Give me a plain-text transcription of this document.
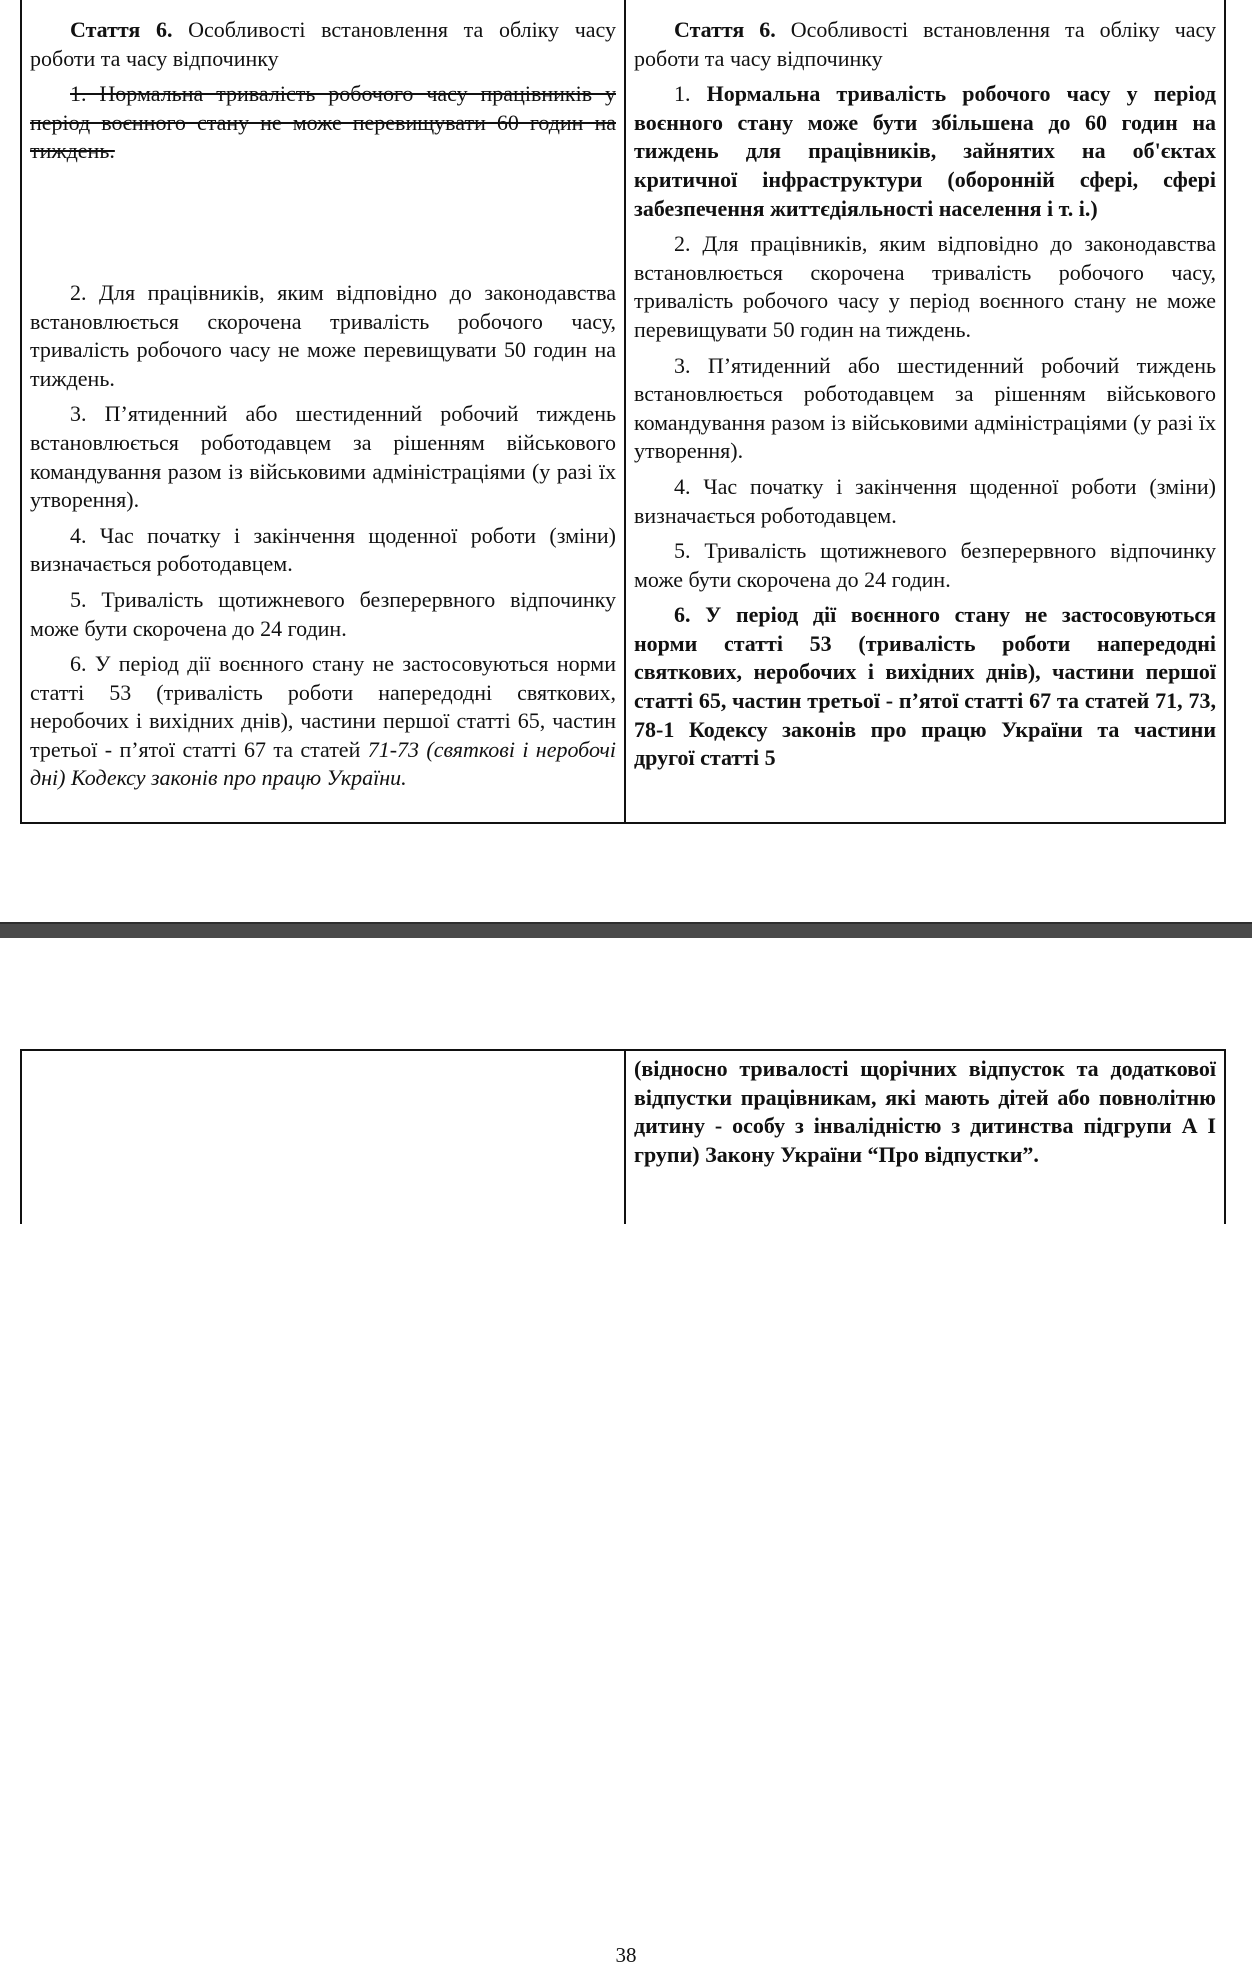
Стаття 6. Особливості встановлення та обліку часу роботи та часу відпочинку

1. Нормальна тривалість робочого часу працівників у період воєнного стану не може перевищувати 60 годин на тиждень.

2. Для працівників, яким відповідно до законодавства встановлюється скорочена тривалість робочого часу, тривалість робочого часу не може перевищувати 50 годин на тиждень.

3. П’ятиденний або шестиденний робочий тиждень встановлюється роботодавцем за рішенням військового командування разом із військовими адміністраціями (у разі їх утворення).

4. Час початку і закінчення щоденної роботи (зміни) визначається роботодавцем.

5. Тривалість щотижневого безперервного відпочинку може бути скорочена до 24 годин.

6. У період дії воєнного стану не застосовуються норми статті 53 (тривалість роботи напередодні святкових, неробочих і вихідних днів), частини першої статті 65, частин третьої - п’ятої статті 67 та статей 71-73 (святкові і неробочі дні) Кодексу законів про працю України.

Стаття 6. Особливості встановлення та обліку часу роботи та часу відпочинку

1. Нормальна тривалість робочого часу у період воєнного стану може бути збільшена до 60 годин на тиждень для працівників, зайнятих на об'єктах критичної інфраструктури (оборонній сфері, сфері забезпечення життєдіяльності населення і т. і.)

2. Для працівників, яким відповідно до законодавства встановлюється скорочена тривалість робочого часу, тривалість робочого часу у період воєнного стану не може перевищувати 50 годин на тиждень.

3. П’ятиденний або шестиденний робочий тиждень встановлюється роботодавцем за рішенням військового командування разом із військовими адміністраціями (у разі їх утворення).

4. Час початку і закінчення щоденної роботи (зміни) визначається роботодавцем.

5. Тривалість щотижневого безперервного відпочинку може бути скорочена до 24 годин.

6. У період дії воєнного стану не застосовуються норми статті 53 (тривалість роботи напередодні святкових, неробочих і вихідних днів), частини першої статті 65, частин третьої - п’ятої статті 67 та статей 71, 73, 78-1 Кодексу законів про працю України та частини другої статті 5

38

(відносно тривалості щорічних відпусток та додаткової відпустки працівникам, які мають дітей або повнолітню дитину - особу з інвалідністю з дитинства підгрупи А І групи) Закону України “Про відпустки”.
